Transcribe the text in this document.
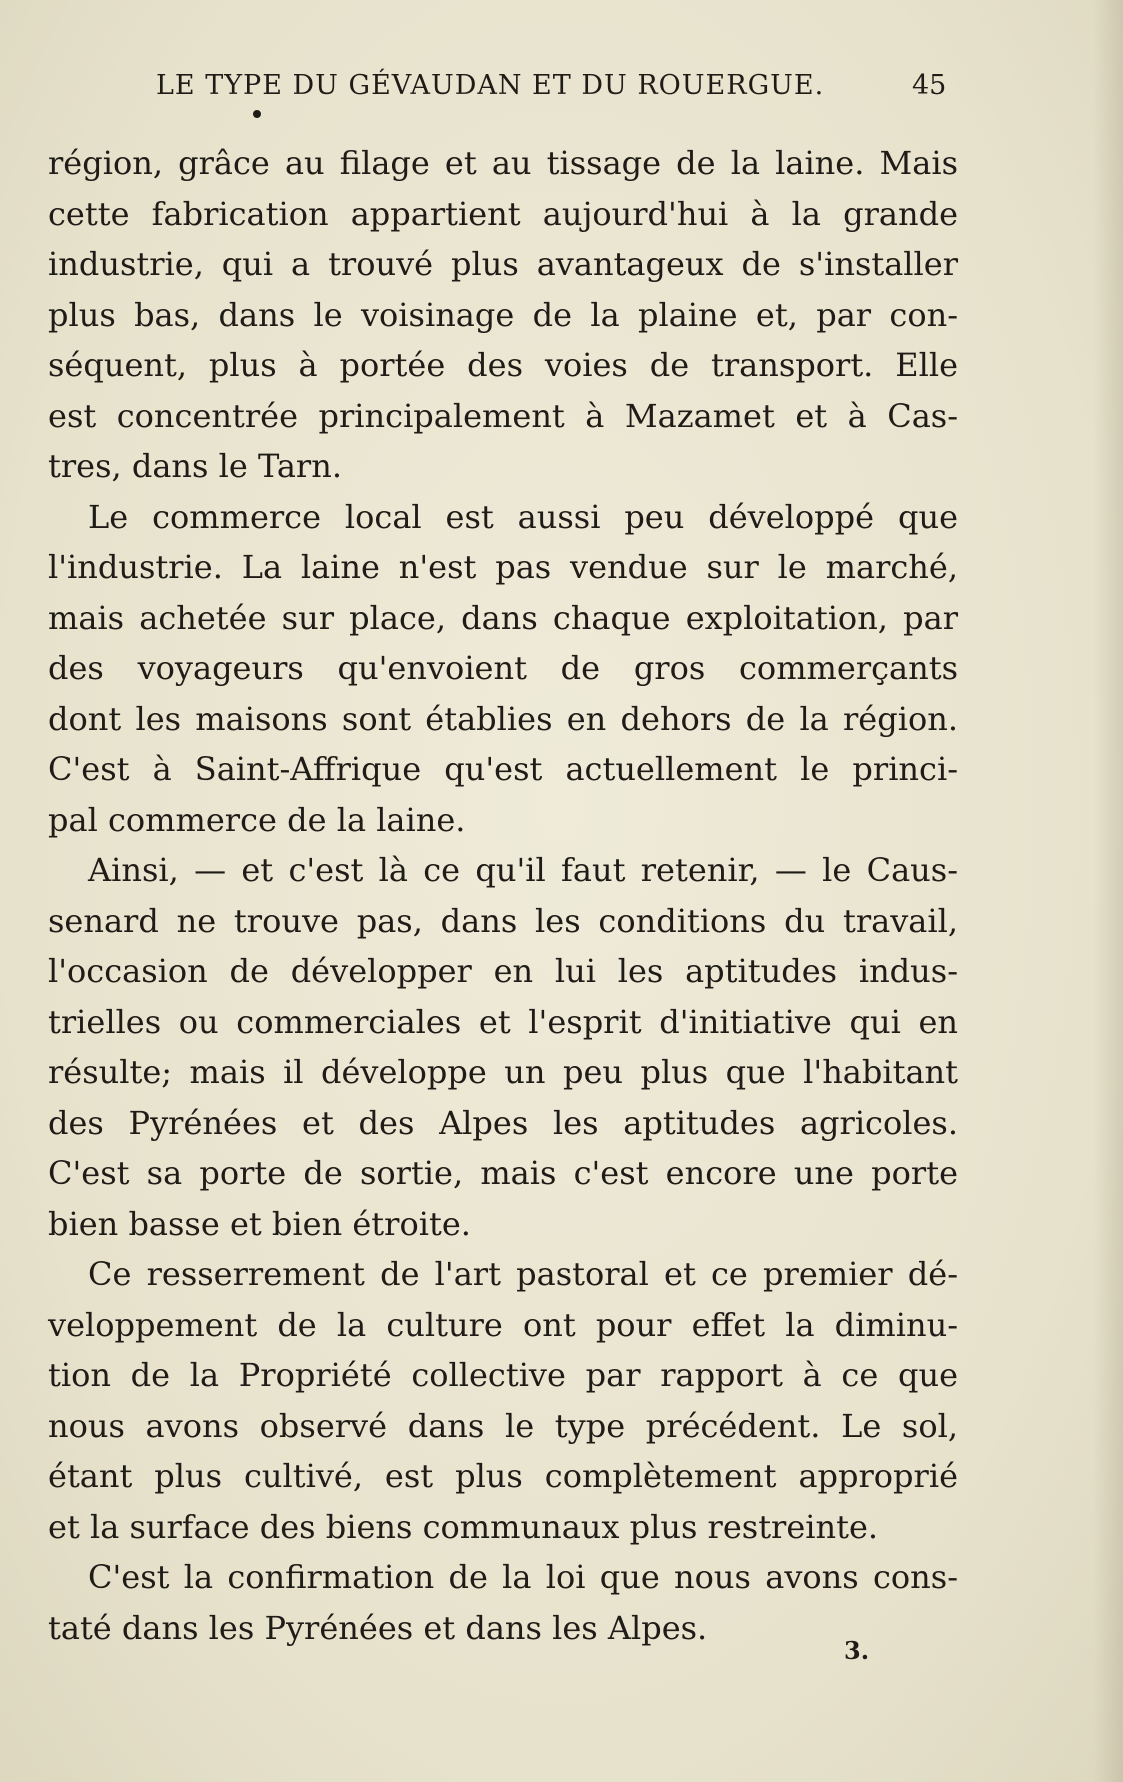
LE TYPE DU GÉVAUDAN ET DU ROUERGUE.	45
région, grâce au filage et au tissage de la laine. Mais
cette fabrication appartient aujourd'hui à la grande
industrie, qui a trouvé plus avantageux de s'installer
plus bas, dans le voisinage de la plaine et, par con-
séquent, plus à portée des voies de transport. Elle
est concentrée principalement à Mazamet et à Cas-
tres, dans le Tarn.
Le commerce local est aussi peu développé que
l'industrie. La laine n'est pas vendue sur le marché,
mais achetée sur place, dans chaque exploitation, par
des voyageurs qu'envoient de gros commerçants
dont les maisons sont établies en dehors de la région.
C'est à Saint-Affrique qu'est actuellement le princi-
pal commerce de la laine.
Ainsi, — et c'est là ce qu'il faut retenir, — le Caus-
senard ne trouve pas, dans les conditions du travail,
l'occasion de développer en lui les aptitudes indus-
trielles ou commerciales et l'esprit d'initiative qui en
résulte; mais il développe un peu plus que l'habitant
des Pyrénées et des Alpes les aptitudes agricoles.
C'est sa porte de sortie, mais c'est encore une porte
bien basse et bien étroite.
Ce resserrement de l'art pastoral et ce premier dé-
veloppement de la culture ont pour effet la diminu-
tion de la Propriété collective par rapport à ce que
nous avons observé dans le type précédent. Le sol,
étant plus cultivé, est plus complètement approprié
et la surface des biens communaux plus restreinte.
C'est la confirmation de la loi que nous avons cons-
taté dans les Pyrénées et dans les Alpes.
3.
